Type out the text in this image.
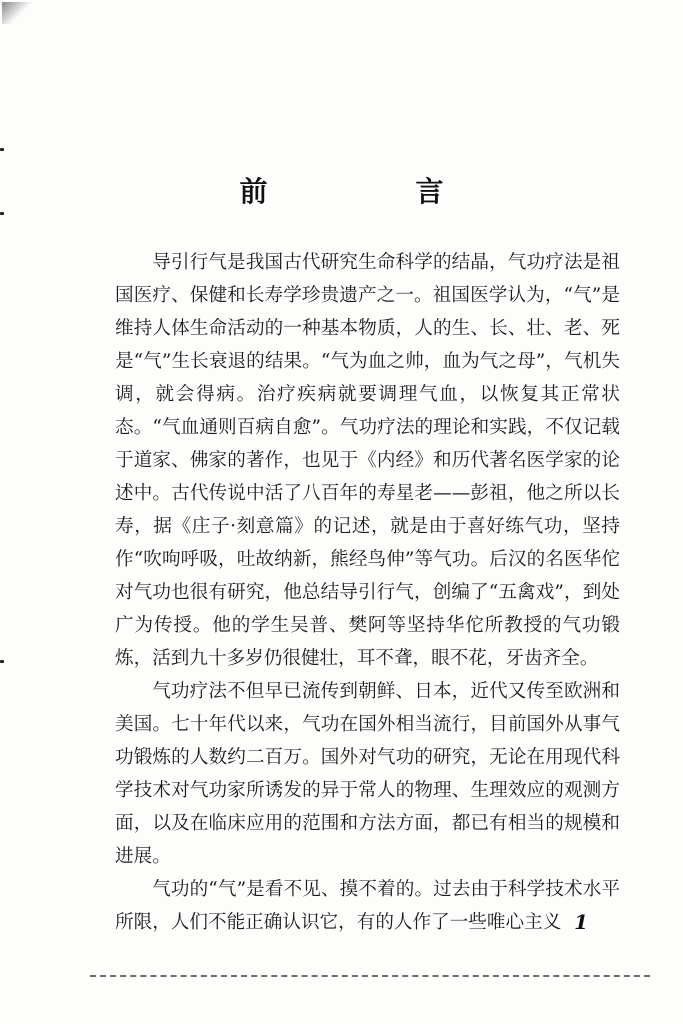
前　言

导引行气是我国古代研究生命科学的结晶，气功疗法是祖国医疗、保健和长寿学珍贵遗产之一。祖国医学认为，“气”是维持人体生命活动的一种基本物质，人的生、长、壮、老、死是“气”生长衰退的结果。“气为血之帅，血为气之母”，气机失调，就会得病。治疗疾病就要调理气血，以恢复其正常状态。“气血通则百病自愈”。气功疗法的理论和实践，不仅记载于道家、佛家的著作，也见于《内经》和历代著名医学家的论述中。古代传说中活了八百年的寿星老——彭祖，他之所以长寿，据《庄子·刻意篇》的记述，就是由于喜好练气功，坚持作“吹呴呼吸，吐故纳新，熊经鸟伸”等气功。后汉的名医华佗对气功也很有研究，他总结导引行气，创编了“五禽戏”，到处广为传授。他的学生吴普、樊阿等坚持华佗所教授的气功锻炼，活到九十多岁仍很健壮，耳不聋，眼不花，牙齿齐全。

气功疗法不但早已流传到朝鲜、日本，近代又传至欧洲和美国。七十年代以来，气功在国外相当流行，目前国外从事气功锻炼的人数约二百万。国外对气功的研究，无论在用现代科学技术对气功家所诱发的异于常人的物理、生理效应的观测方面，以及在临床应用的范围和方法方面，都已有相当的规模和进展。

气功的“气”是看不见、摸不着的。过去由于科学技术水平所限，人们不能正确认识它，有的人作了一些唯心主义 1
